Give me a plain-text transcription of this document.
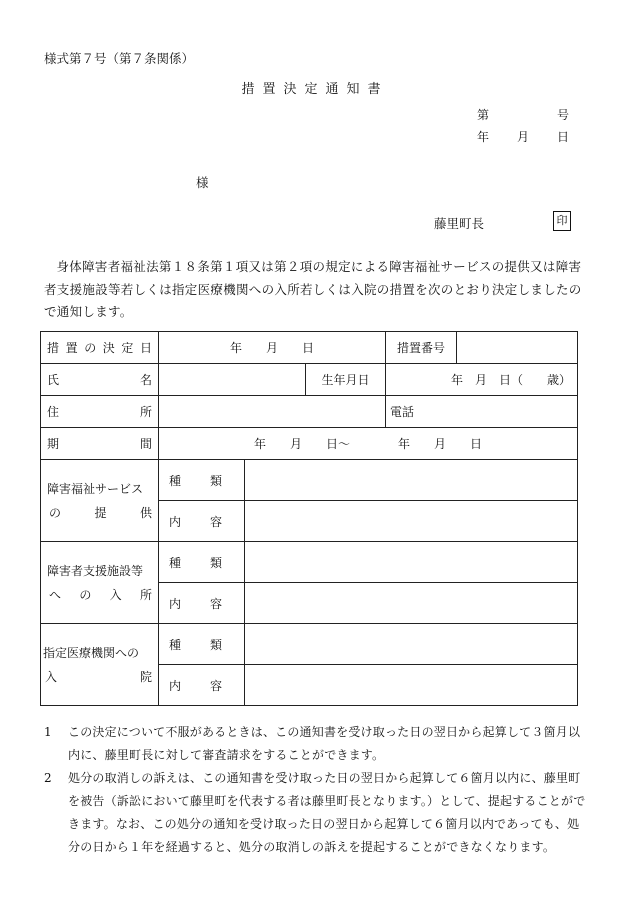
様式第７号（第７条関係）
措置決定通知書
第	号
年 月 日
様
藤里町長	印
身体障害者福祉法第１８条第１項又は第２項の規定による障害福祉サービスの提供又は障害者支援施設等若しくは指定医療機関への入所若しくは入院の措置を次のとおり決定しましたので通知します。
措置の決定日	年　　月　　日			措置番号	
氏　名			生年月日	年　月　日（　　歳）	
住　所				電話	
期　間	年　　月　　日～　　　　年　　月　　日				
障害福祉サービス
の提供	種類				
	内容				
障害者支援施設等
への入所	種類				
	内容				
指定医療機関への
入院	種類				
	内容				
1 この決定について不服があるときは、この通知書を受け取った日の翌日から起算して３箇月以内に、藤里町長に対して審査請求をすることができます。
2 処分の取消しの訴えは、この通知書を受け取った日の翌日から起算して６箇月以内に、藤里町を被告（訴訟において藤里町を代表する者は藤里町長となります。）として、提起することができます。なお、この処分の通知を受け取った日の翌日から起算して６箇月以内であっても、処分の日から１年を経過すると、処分の取消しの訴えを提起することができなくなります。
